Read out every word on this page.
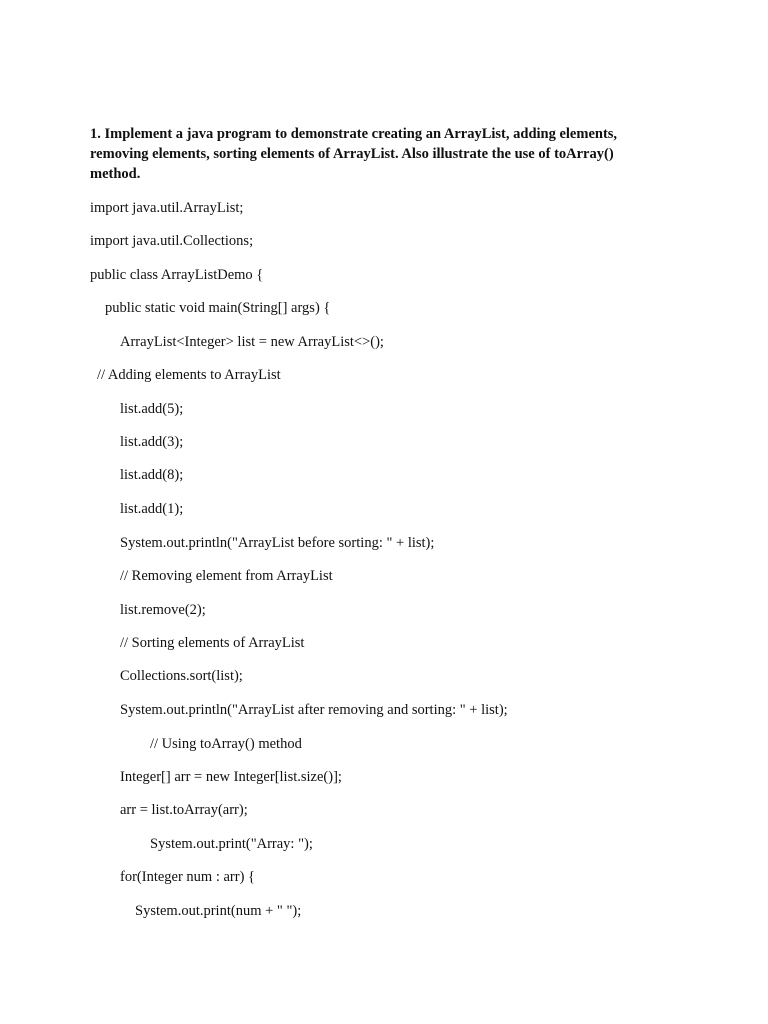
1. Implement a java program to demonstrate creating an ArrayList, adding elements, removing elements, sorting elements of ArrayList. Also illustrate the use of toArray() method.

import java.util.ArrayList;

import java.util.Collections;

public class ArrayListDemo {

public static void main(String[] args) {

ArrayList<Integer> list = new ArrayList<>();

// Adding elements to ArrayList

list.add(5);

list.add(3);

list.add(8);

list.add(1);

System.out.println("ArrayList before sorting: " + list);

// Removing element from ArrayList

list.remove(2);

// Sorting elements of ArrayList

Collections.sort(list);

System.out.println("ArrayList after removing and sorting: " + list);

// Using toArray() method

Integer[] arr = new Integer[list.size()];

arr = list.toArray(arr);

System.out.print("Array: ");

for(Integer num : arr) {

System.out.print(num + " ");
